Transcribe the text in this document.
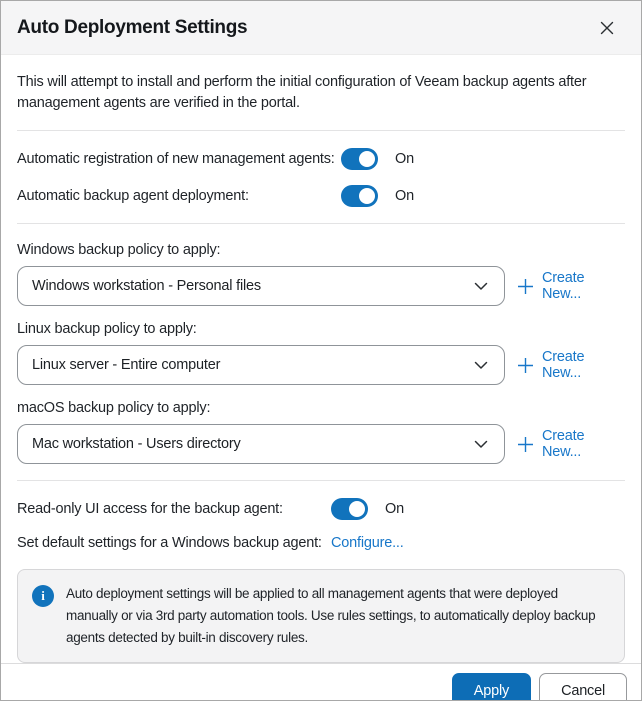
Auto Deployment Settings

This will attempt to install and perform the initial configuration of Veeam backup agents after management agents are verified in the portal.

Automatic registration of new management agents:	On
Automatic backup agent deployment:	On
Windows backup policy to apply:
Windows workstation - Personal files	Create New...
Linux backup policy to apply:
Linux server - Entire computer	Create New...
macOS backup policy to apply:
Mac workstation - Users directory	Create New...
Read-only UI access for the backup agent:	On
Set default settings for a Windows backup agent: Configure...
i	Auto deployment settings will be applied to all management agents that were deployed manually or via 3rd party automation tools. Use rules settings, to automatically deploy backup agents detected by built-in discovery rules.
Apply	Cancel
